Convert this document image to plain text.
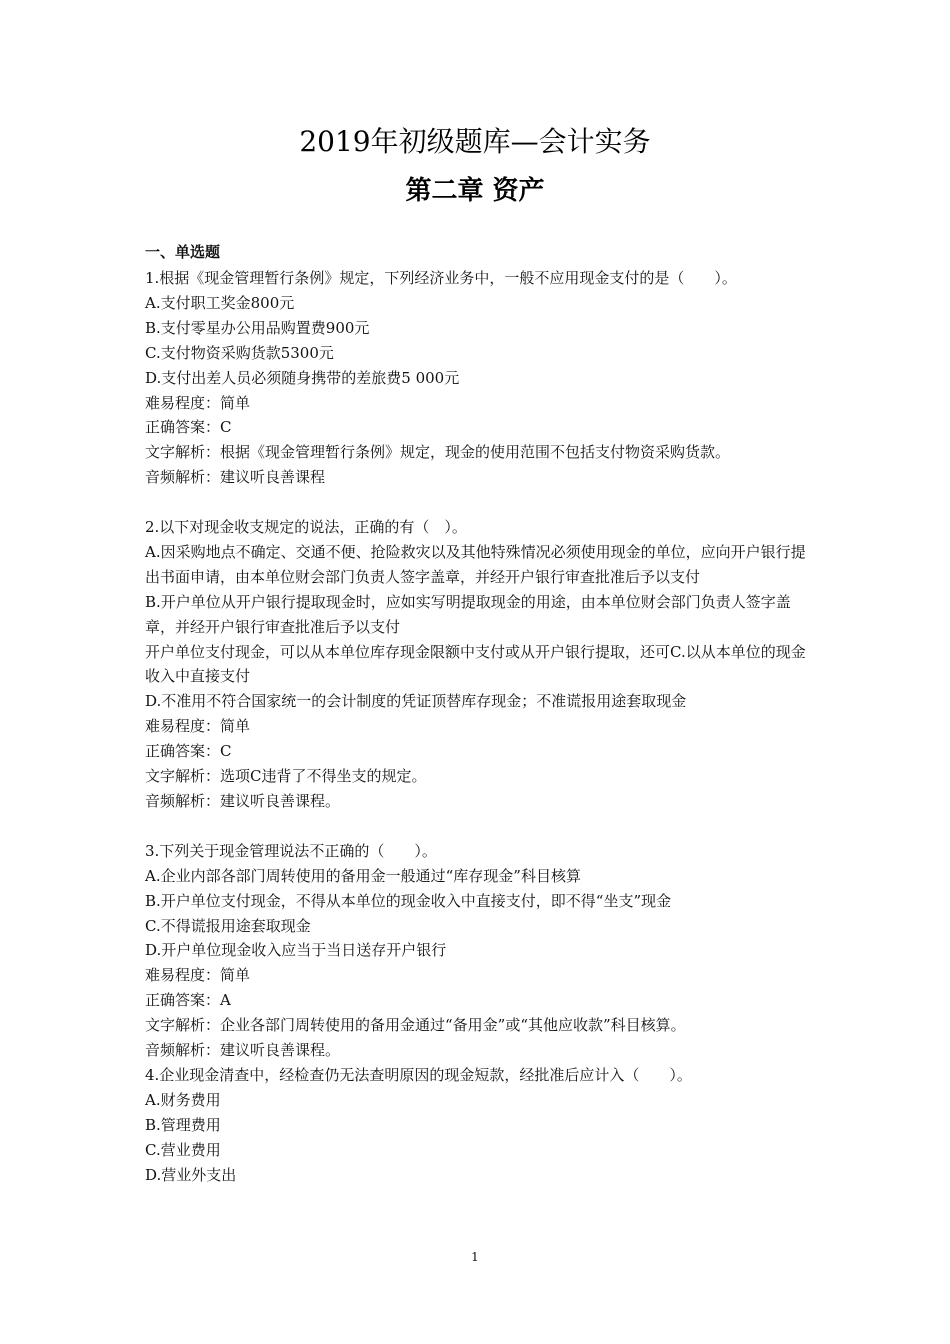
2019年初级题库—会计实务
第二章 资产
一、单选题

1.根据《现金管理暂行条例》规定，下列经济业务中，一般不应用现金支付的是（　　）。

A.支付职工奖金800元

B.支付零星办公用品购置费900元

C.支付物资采购货款5300元

D.支付出差人员必须随身携带的差旅费5 000元

难易程度：简单

正确答案：C

文字解析：根据《现金管理暂行条例》规定，现金的使用范围不包括支付物资采购货款。

音频解析：建议听良善课程

2.以下对现金收支规定的说法，正确的有（　）。

A.因采购地点不确定、交通不便、抢险救灾以及其他特殊情况必须使用现金的单位，应向开户银行提出书面申请，由本单位财会部门负责人签字盖章，并经开户银行审查批准后予以支付

B.开户单位从开户银行提取现金时，应如实写明提取现金的用途，由本单位财会部门负责人签字盖章，并经开户银行审查批准后予以支付

开户单位支付现金，可以从本单位库存现金限额中支付或从开户银行提取，还可C.以从本单位的现金收入中直接支付

D.不准用不符合国家统一的会计制度的凭证顶替库存现金；不准谎报用途套取现金

难易程度：简单

正确答案：C

文字解析：选项C违背了不得坐支的规定。

音频解析：建议听良善课程。

3.下列关于现金管理说法不正确的（　　）。

A.企业内部各部门周转使用的备用金一般通过“库存现金”科目核算

B.开户单位支付现金，不得从本单位的现金收入中直接支付，即不得“坐支”现金

C.不得谎报用途套取现金

D.开户单位现金收入应当于当日送存开户银行

难易程度：简单

正确答案：A

文字解析：企业各部门周转使用的备用金通过“备用金”或“其他应收款”科目核算。

音频解析：建议听良善课程。

4.企业现金清查中，经检查仍无法查明原因的现金短款，经批准后应计入（　　）。

A.财务费用

B.管理费用

C.营业费用

D.营业外支出

1
